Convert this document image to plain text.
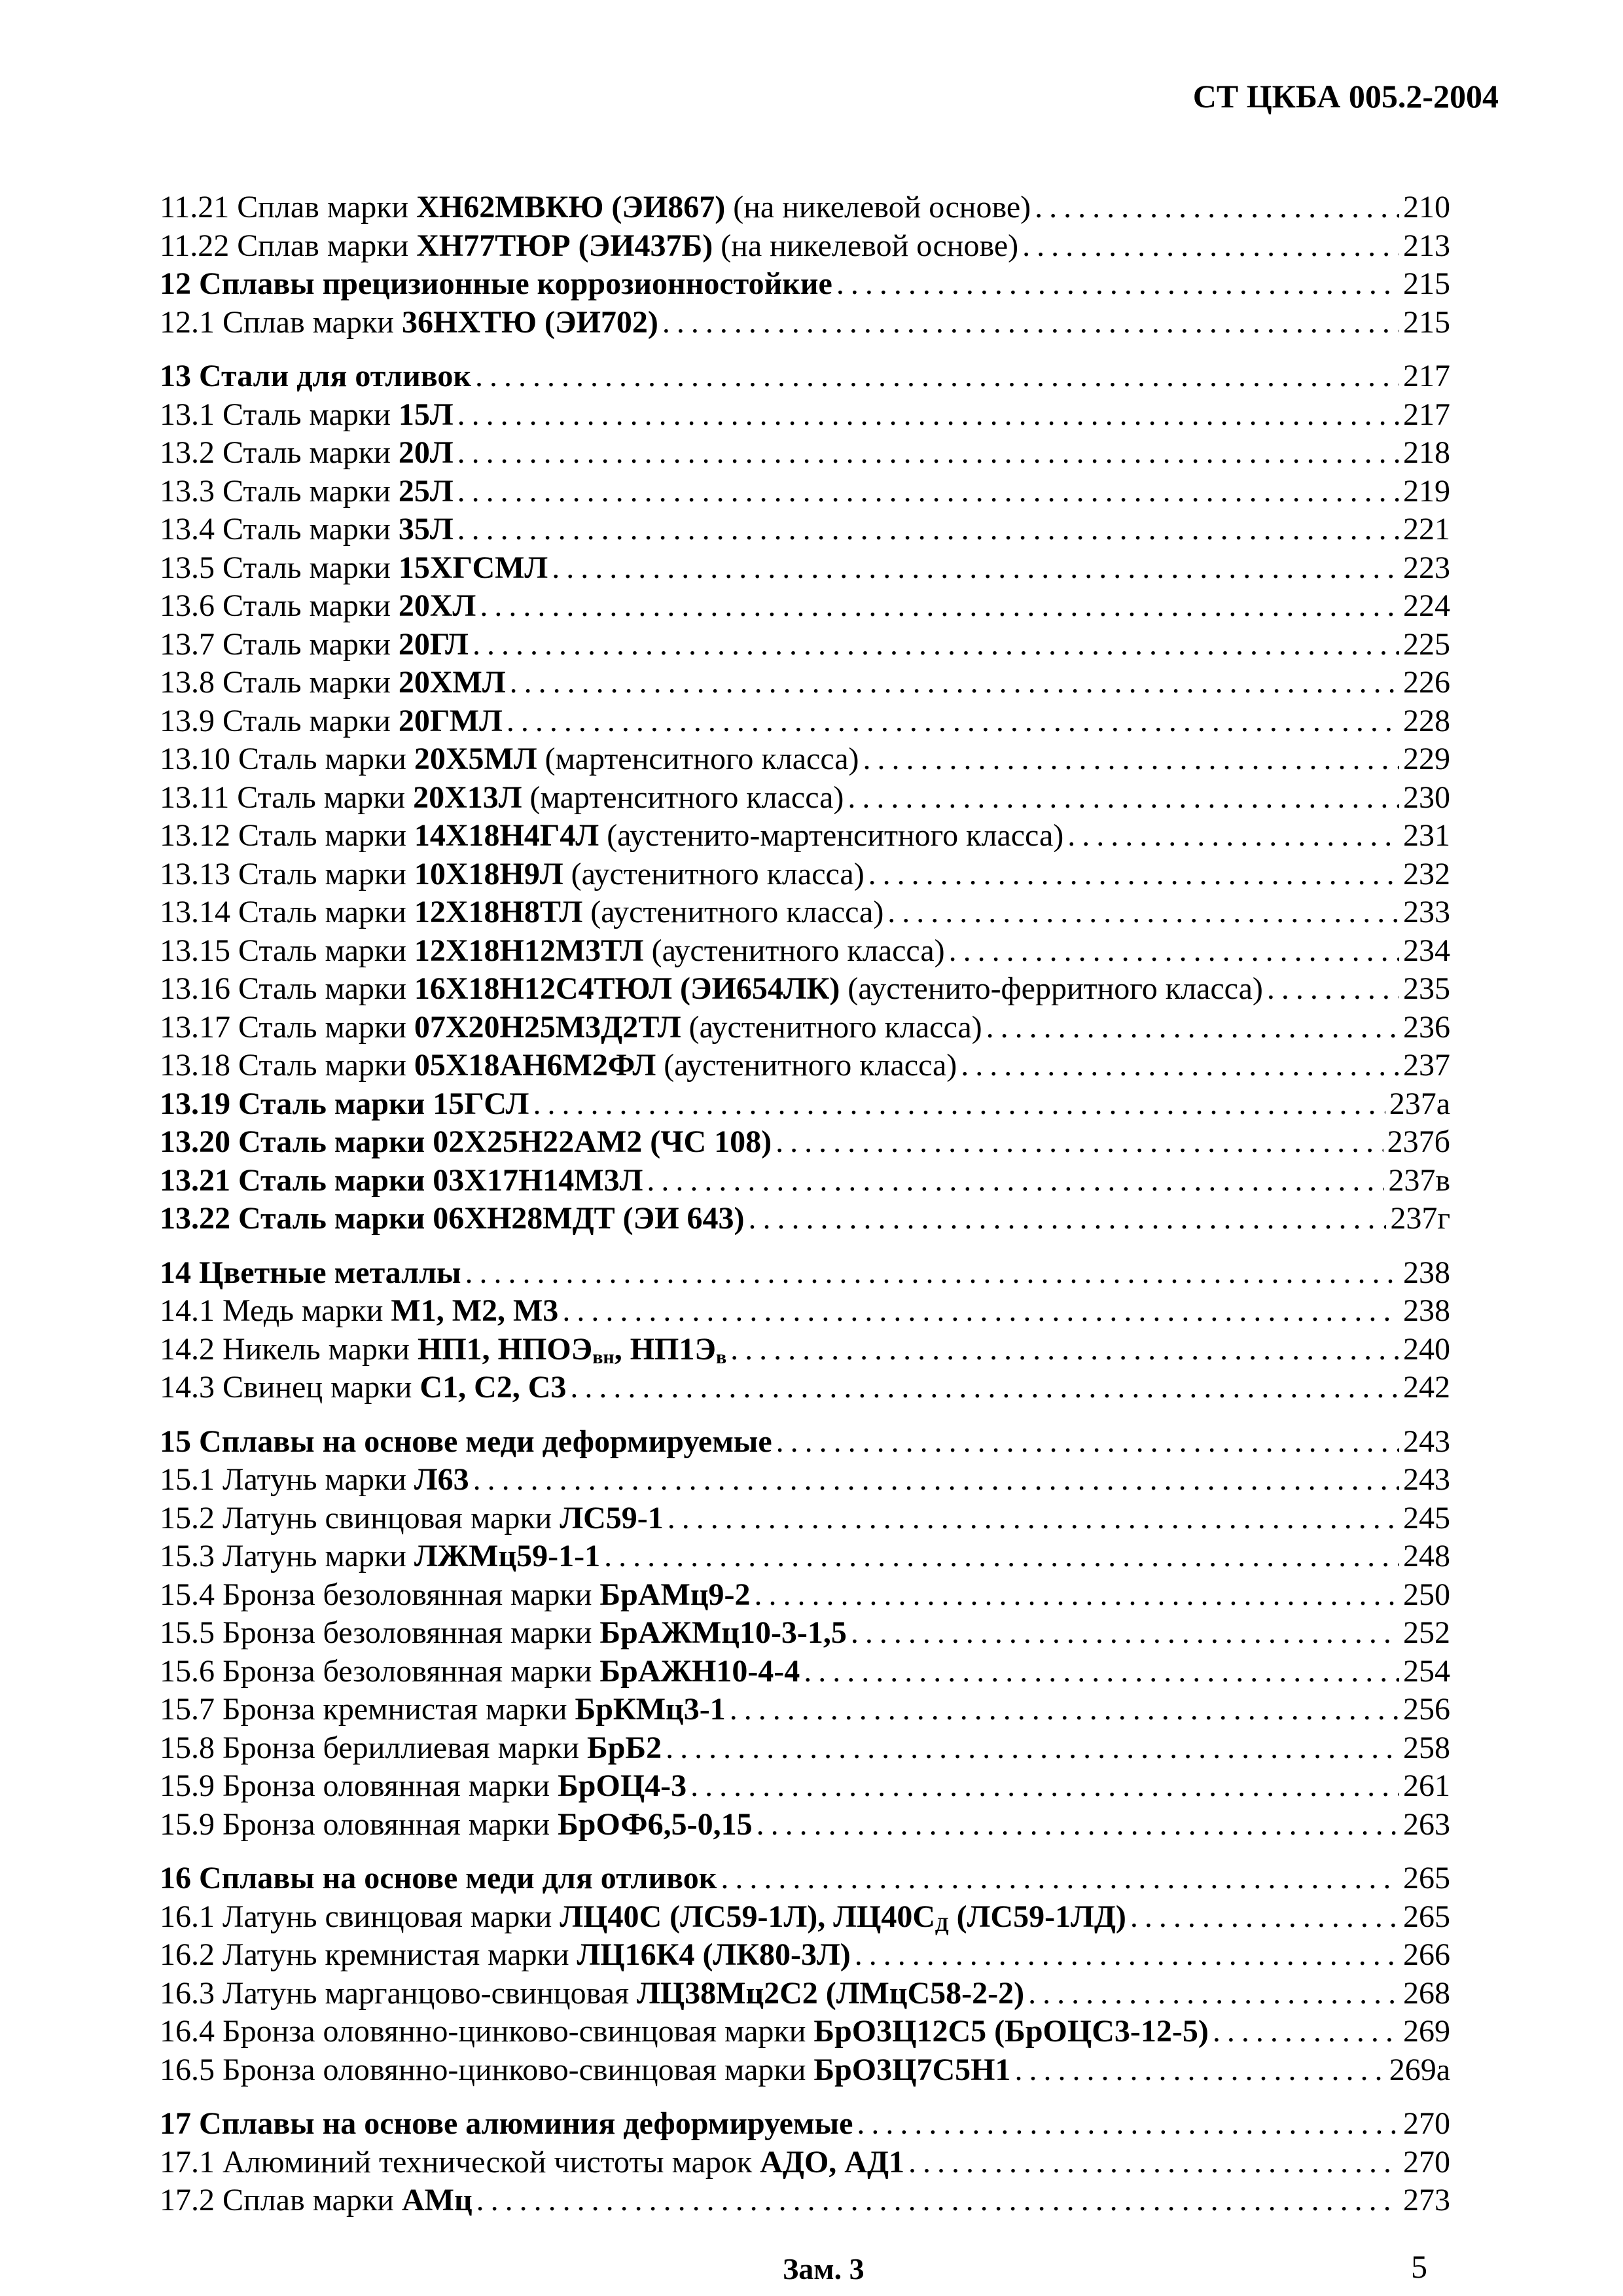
СТ ЦКБА 005.2-2004
11.21 Сплав марки ХН62МВКЮ (ЭИ867) (на никелевой основе) . . .	210
11.22 Сплав марки ХН77ТЮР (ЭИ437Б) (на никелевой основе) . . .	213
12 Сплавы прецизионные коррозионностойкие . . .	215
12.1 Сплав марки 36НХТЮ (ЭИ702) . . .	215
13 Стали для отливок . . .	217
13.1 Сталь марки 15Л . . .	217
13.2 Сталь марки 20Л . . .	218
13.3 Сталь марки 25Л . . .	219
13.4 Сталь марки 35Л . . .	221
13.5 Сталь марки 15ХГСМЛ . . .	223
13.6 Сталь марки 20ХЛ . . .	224
13.7 Сталь марки 20ГЛ . . .	225
13.8 Сталь марки 20ХМЛ . . .	226
13.9 Сталь марки 20ГМЛ . . .	228
13.10 Сталь марки 20Х5МЛ (мартенситного класса) . . .	229
13.11 Сталь марки 20Х13Л (мартенситного класса) . . .	230
13.12 Сталь марки 14Х18Н4Г4Л (аустенито-мартенситного класса) . . .	231
13.13 Сталь марки 10Х18Н9Л (аустенитного класса) . . .	232
13.14 Сталь марки 12Х18Н8ТЛ (аустенитного класса) . . .	233
13.15 Сталь марки 12Х18Н12М3ТЛ (аустенитного класса) . . .	234
13.16 Сталь марки 16Х18Н12С4ТЮЛ (ЭИ654ЛК) (аустенито-ферритного класса) . . .	235
13.17 Сталь марки 07Х20Н25М3Д2ТЛ (аустенитного класса) . . .	236
13.18 Сталь марки 05Х18АН6М2ФЛ (аустенитного класса) . . .	237
13.19 Сталь марки 15ГСЛ . . .	237а
13.20 Сталь марки 02Х25Н22АМ2 (ЧС 108) . . .	237б
13.21 Сталь марки 03Х17Н14М3Л . . .	237в
13.22 Сталь марки 06ХН28МДТ (ЭИ 643) . . .	237г
14 Цветные металлы . . .	238
14.1 Медь марки М1, М2, М3 . . .	238
14.2 Никель марки НП1, $НПОЭ_{вн}$, $НП1Э_в$ . . .	240
14.3 Свинец марки С1, С2, С3 . . .	242
15 Сплавы на основе меди деформируемые . . .	243
15.1 Латунь марки Л63 . . .	243
15.2 Латунь свинцовая марки ЛС59-1 . . .	245
15.3 Латунь марки ЛЖМц59-1-1 . . .	248
15.4 Бронза безоловянная марки БрАМц9-2 . . .	250
15.5 Бронза безоловянная марки БрАЖМц10-3-1,5 . . .	252
15.6 Бронза безоловянная марки БрАЖН10-4-4 . . .	254
15.7 Бронза кремнистая марки БрКМц3-1 . . .	256
15.8 Бронза бериллиевая марки БрБ2 . . .	258
15.9 Бронза оловянная марки БрОЦ4-3 . . .	261
15.9 Бронза оловянная марки БрОФ6,5-0,15 . . .	263
16 Сплавы на основе меди для отливок . . .	265
16.1 Латунь свинцовая марки ЛЦ40С (ЛС59-1Л), $ЛЦ40С_Д$ (ЛС59-1ЛД) . . .	265
16.2 Латунь кремнистая марки ЛЦ16К4 (ЛК80-3Л) . . .	266
16.3 Латунь марганцово-свинцовая ЛЦ38Мц2С2 (ЛМцС58-2-2) . . .	268
16.4 Бронза оловянно-цинково-свинцовая марки БрО3Ц12С5 (БрОЦС3-12-5) . . .	269
16.5 Бронза оловянно-цинково-свинцовая марки БрО3Ц7С5Н1 . . .	269а
17 Сплавы на основе алюминия деформируемые . . .	270
17.1 Алюминий технической чистоты марок АДО, АД1 . . .	270
17.2 Сплав марки АМц . . .	273
Зам. 3	5
